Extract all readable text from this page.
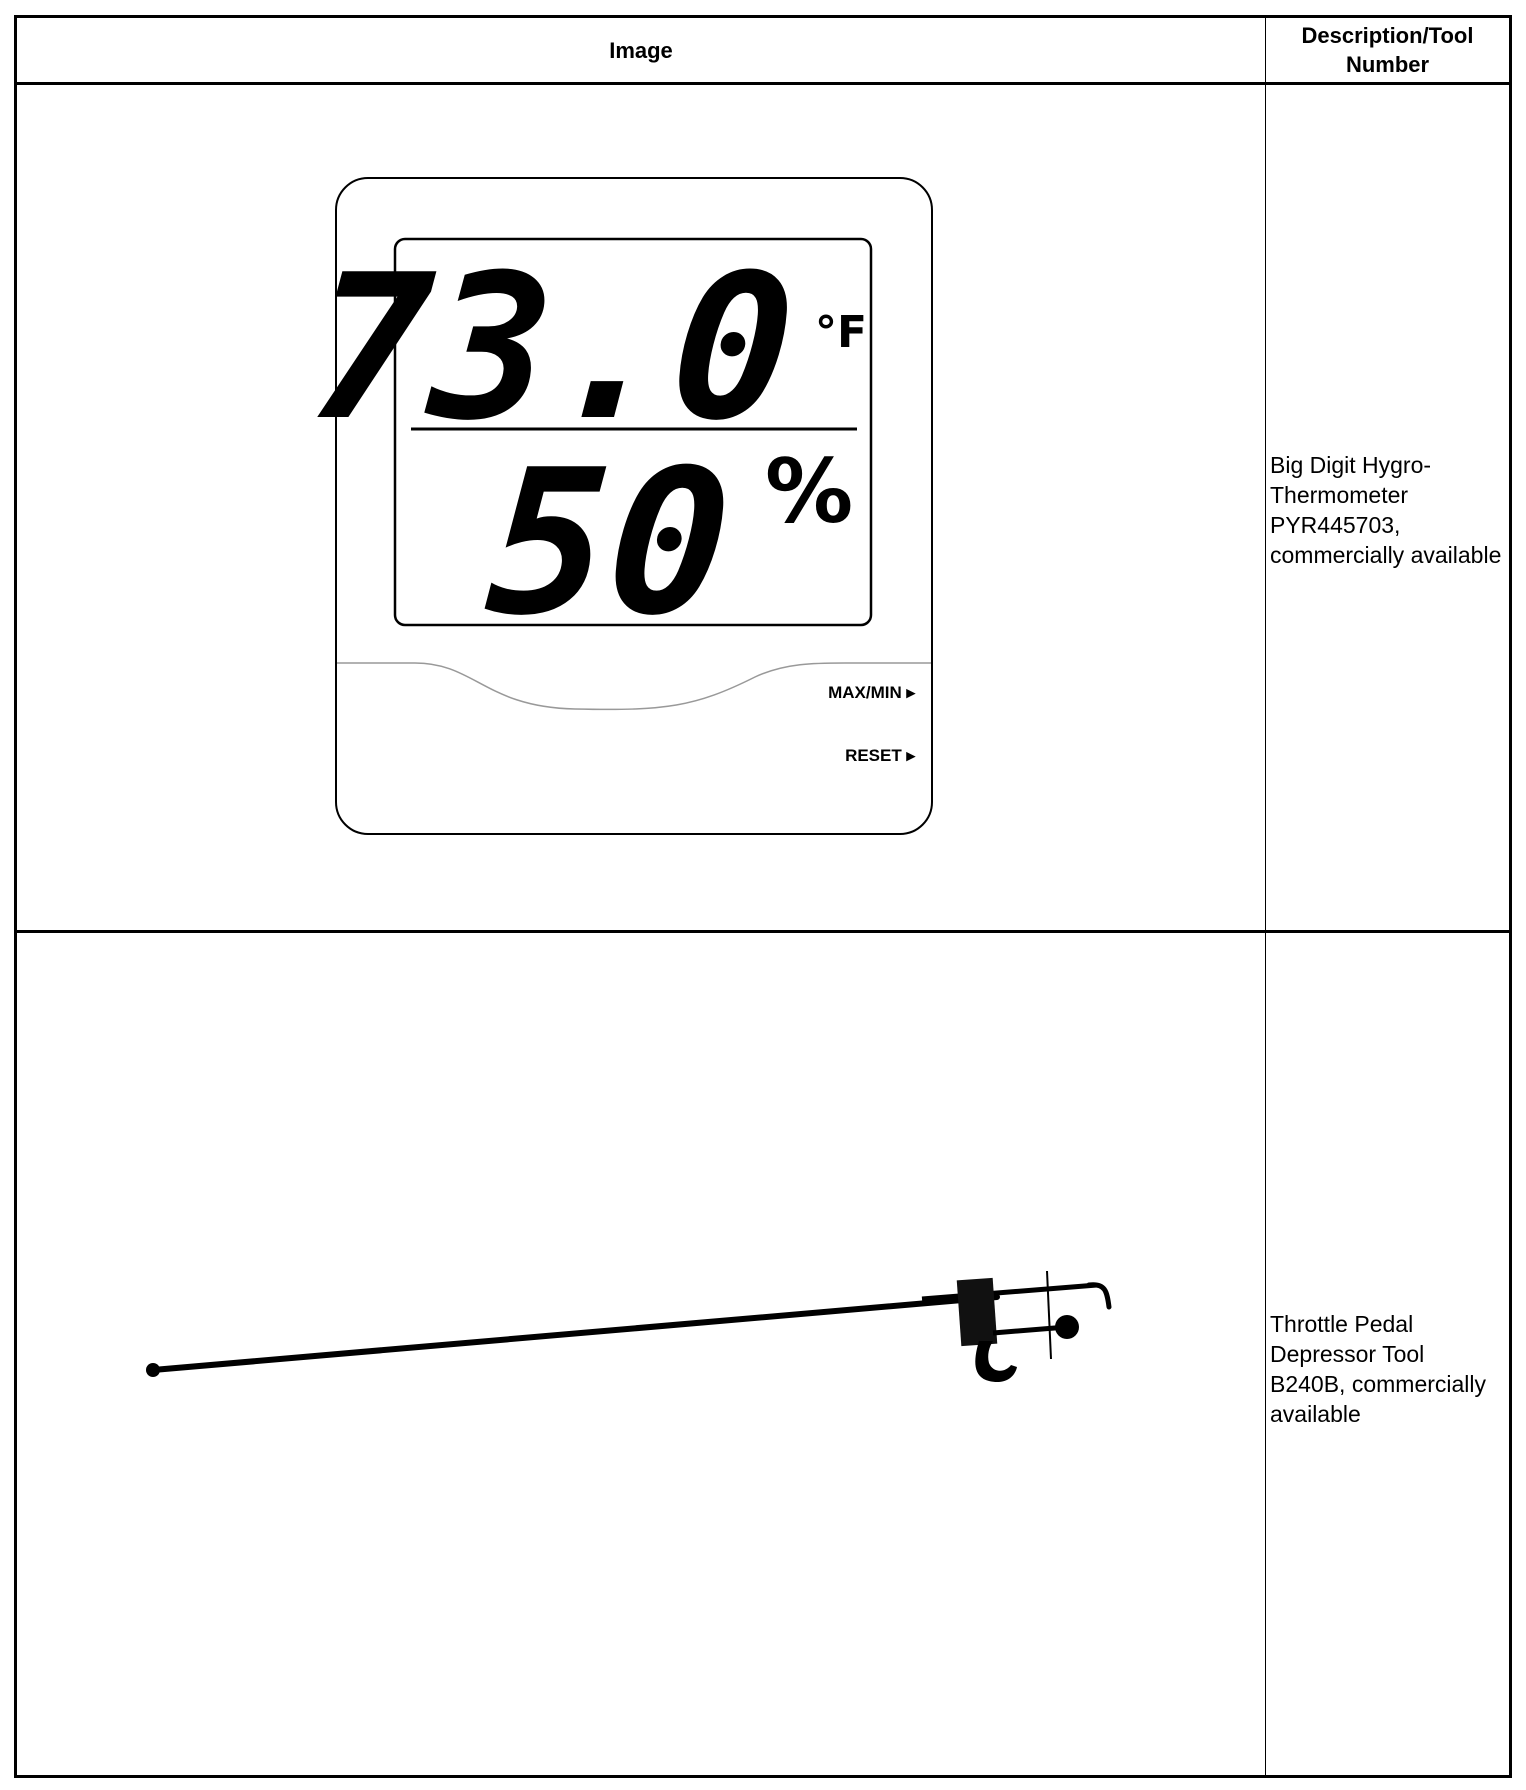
Image
Description/Tool Number
73.0 °F
50 %
MAX/MIN ▸
RESET ▸
Big Digit Hygro-Thermometer PYR445703, commercially available
Throttle Pedal Depressor Tool B240B, commercially available
